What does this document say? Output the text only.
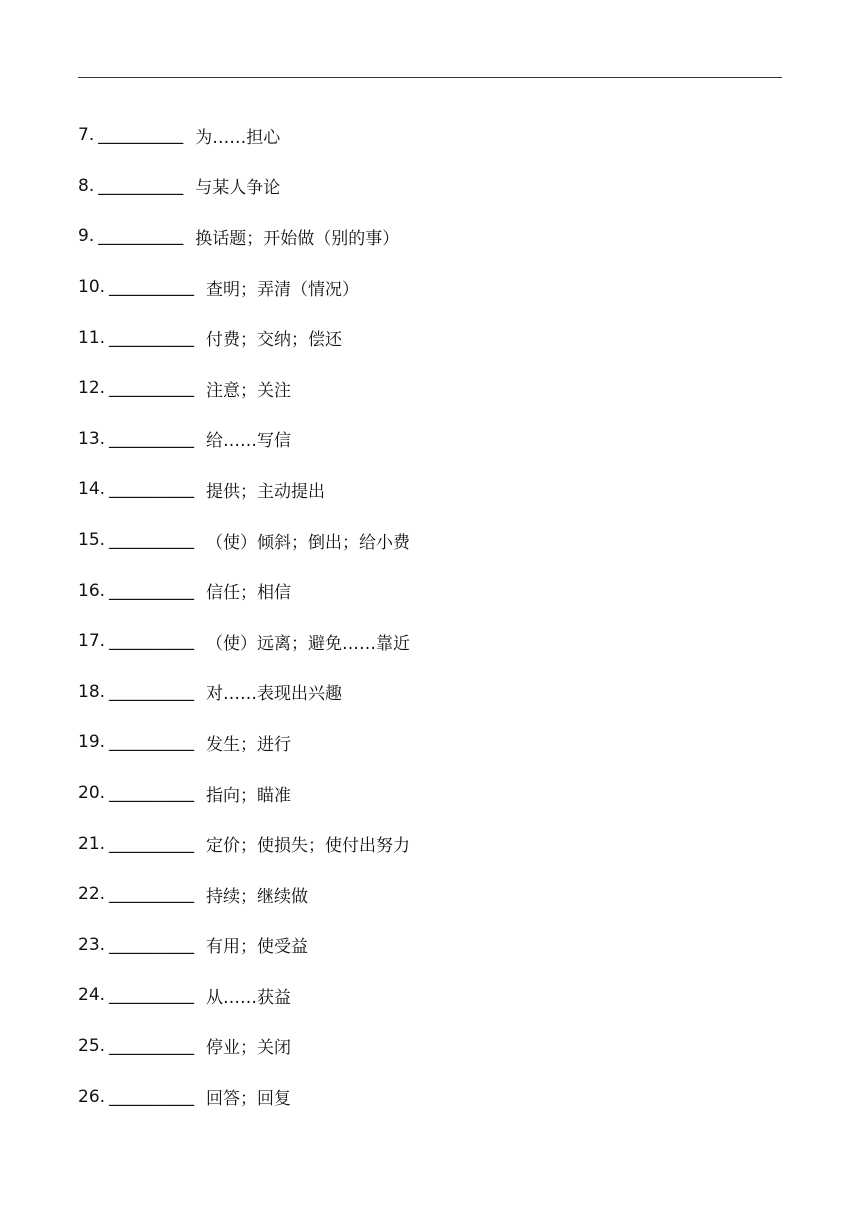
7. __________ 为……担心
8. __________ 与某人争论
9. __________ 换话题；开始做（别的事）
10. __________ 查明；弄清（情况）
11. __________ 付费；交纳；偿还
12. __________ 注意；关注
13. __________ 给……写信
14. __________ 提供；主动提出
15. __________ （使）倾斜；倒出；给小费
16. __________ 信任；相信
17. __________ （使）远离；避免……靠近
18. __________ 对……表现出兴趣
19. __________ 发生；进行
20. __________ 指向；瞄准
21. __________ 定价；使损失；使付出努力
22. __________ 持续；继续做
23. __________ 有用；使受益
24. __________ 从……获益
25. __________ 停业；关闭
26. __________ 回答；回复
